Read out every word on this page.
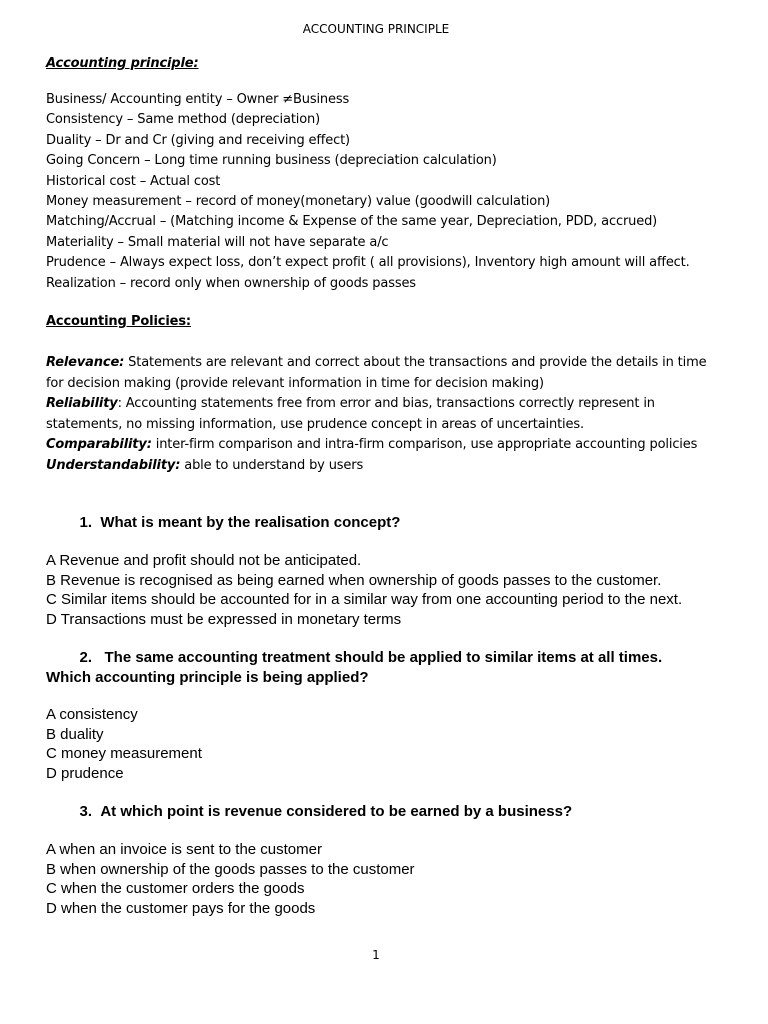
ACCOUNTING PRINCIPLE
Accounting principle:
Business/ Accounting entity – Owner ≠Business
Consistency – Same method (depreciation)
Duality – Dr and Cr (giving and receiving effect)
Going Concern – Long time running business (depreciation calculation)
Historical cost – Actual cost
Money measurement – record of money(monetary) value (goodwill calculation)
Matching/Accrual – (Matching income & Expense of the same year, Depreciation, PDD, accrued)
Materiality – Small material will not have separate a/c
Prudence – Always expect loss, don’t expect profit ( all provisions), Inventory high amount will affect.
Realization – record only when ownership of goods passes
Accounting Policies:

Relevance: Statements are relevant and correct about the transactions and provide the details in time for decision making (provide relevant information in time for decision making)

Reliability: Accounting statements free from error and bias, transactions correctly represent in statements, no missing information, use prudence concept in areas of uncertainties.

Comparability: inter-firm comparison and intra-firm comparison, use appropriate accounting policies

Understandability: able to understand by users

1. What is meant by the realisation concept?
A Revenue and profit should not be anticipated.
B Revenue is recognised as being earned when ownership of goods passes to the customer.
C Similar items should be accounted for in a similar way from one accounting period to the next.
D Transactions must be expressed in monetary terms
2. The same accounting treatment should be applied to similar items at all times.
Which accounting principle is being applied?
A consistency
B duality
C money measurement
D prudence
3. At which point is revenue considered to be earned by a business?
A when an invoice is sent to the customer
B when ownership of the goods passes to the customer
C when the customer orders the goods
D when the customer pays for the goods
1
